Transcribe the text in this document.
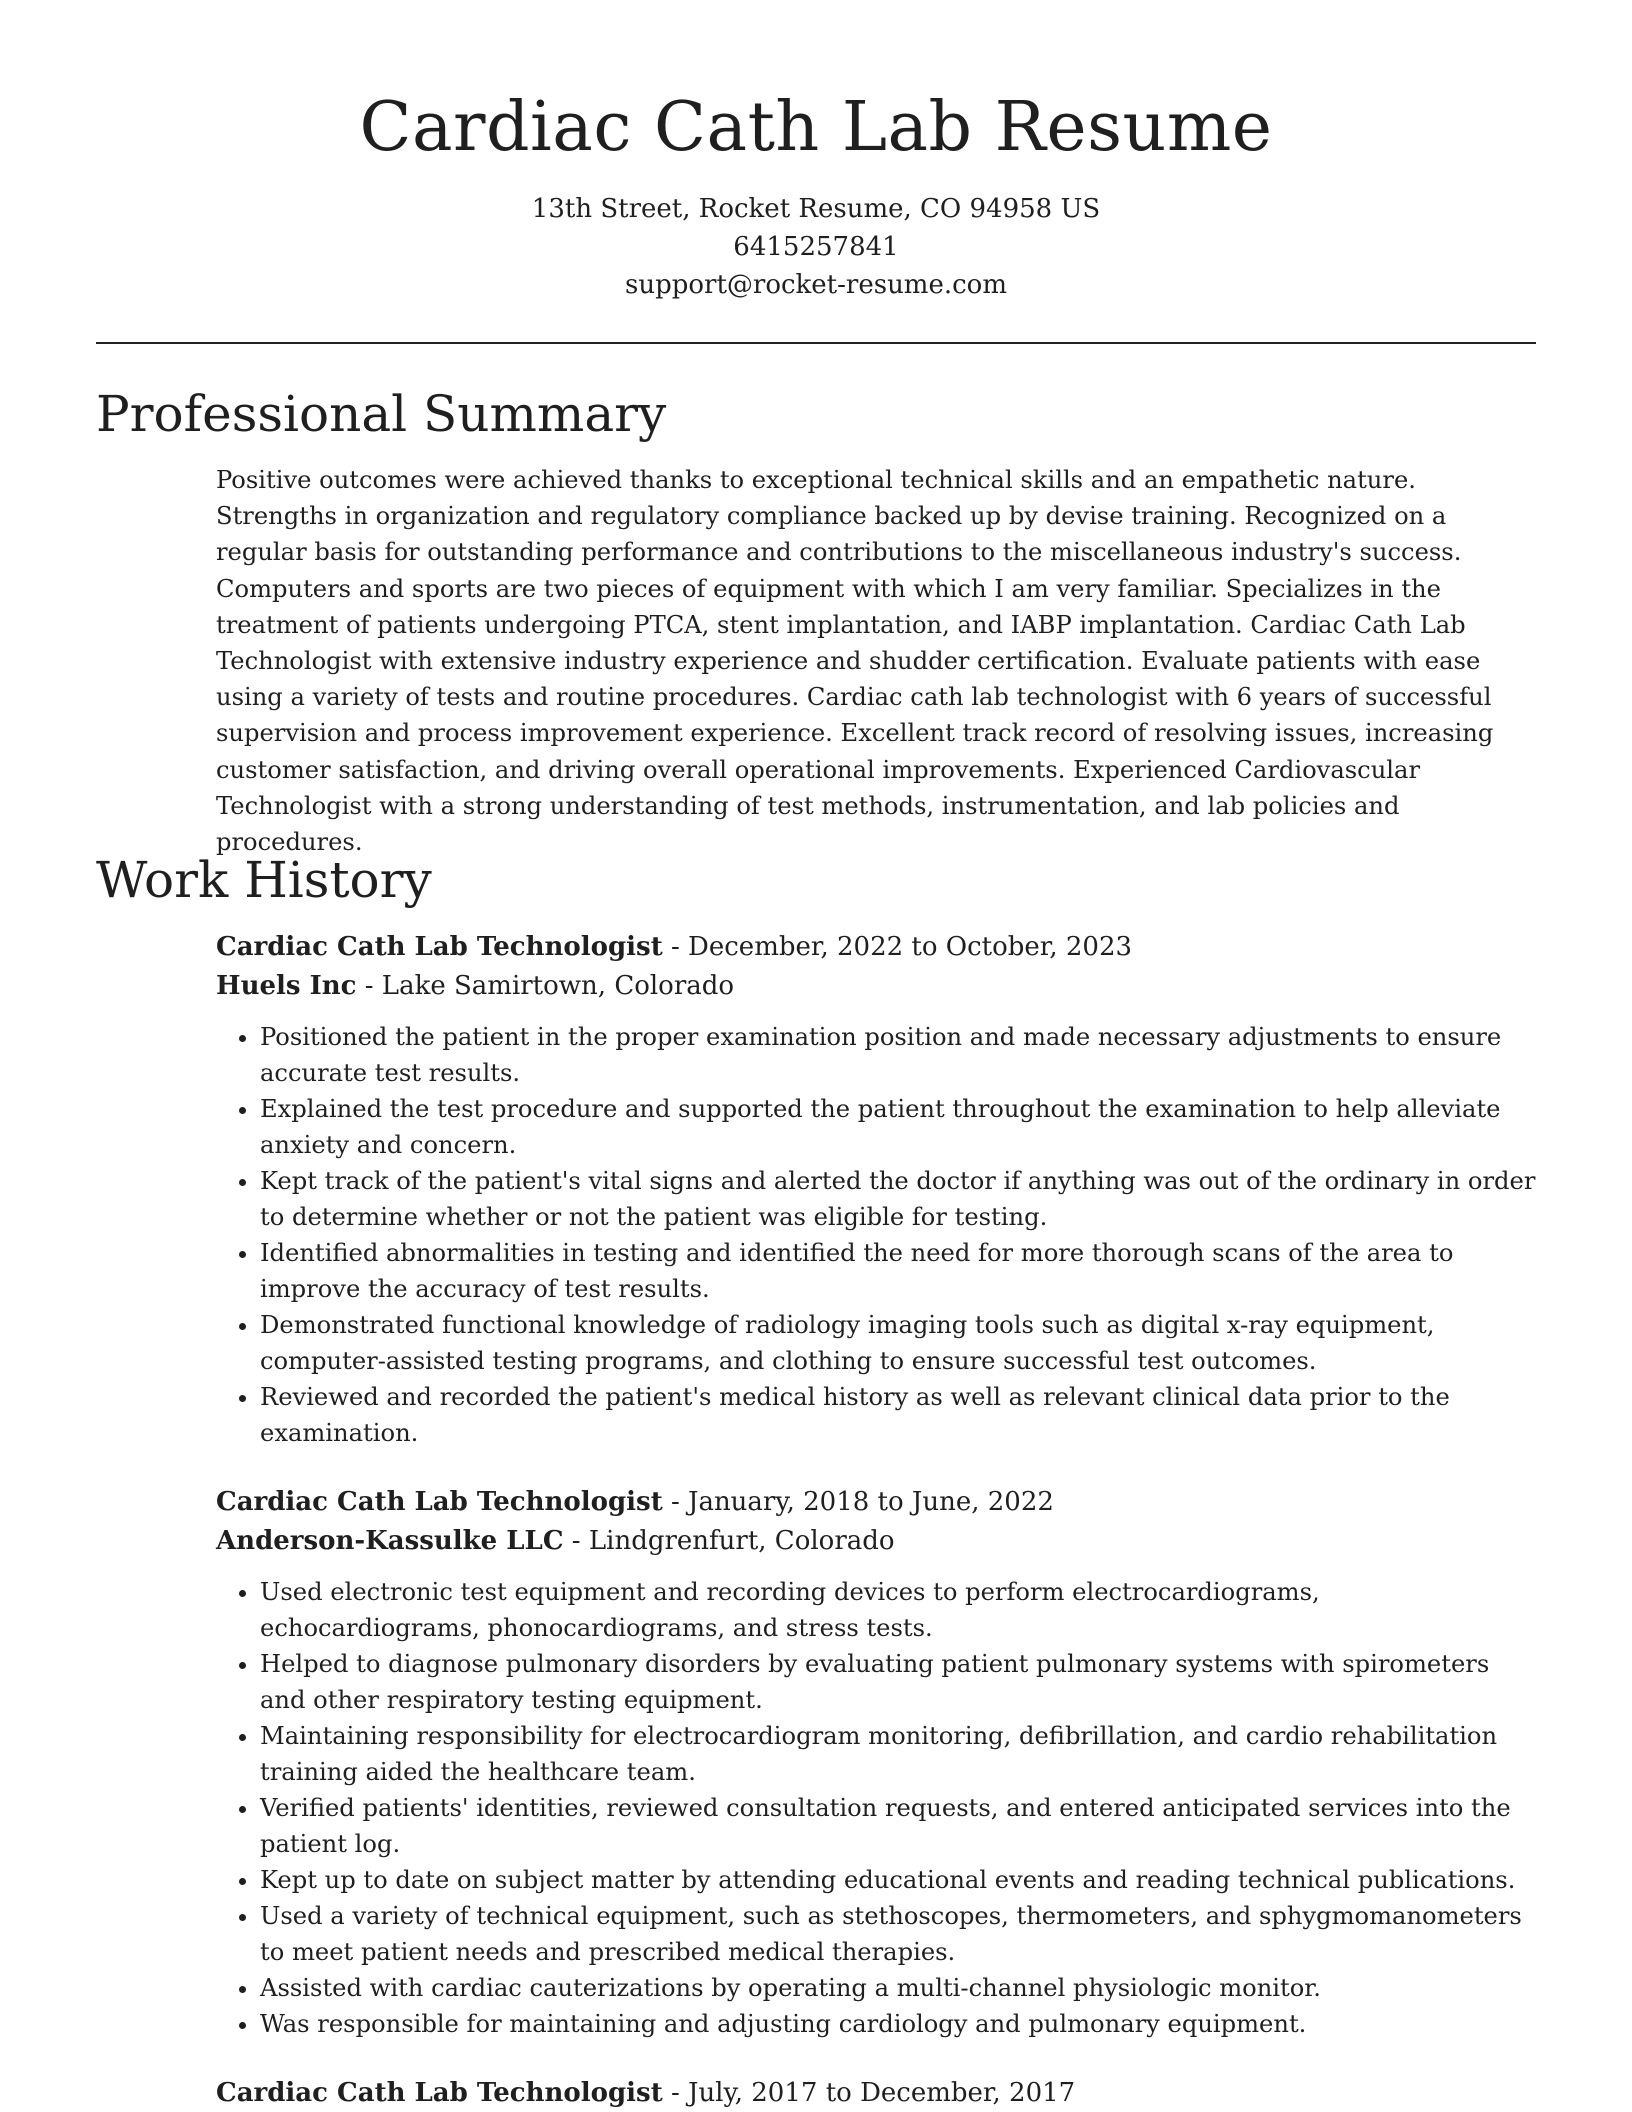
Cardiac Cath Lab Resume
13th Street, Rocket Resume, CO 94958 US
6415257841
support@rocket-resume.com
Professional Summary

Positive outcomes were achieved thanks to exceptional technical skills and an empathetic nature. Strengths in organization and regulatory compliance backed up by devise training. Recognized on a regular basis for outstanding performance and contributions to the miscellaneous industry's success. Computers and sports are two pieces of equipment with which I am very familiar. Specializes in the treatment of patients undergoing PTCA, stent implantation, and IABP implantation. Cardiac Cath Lab Technologist with extensive industry experience and shudder certification. Evaluate patients with ease using a variety of tests and routine procedures. Cardiac cath lab technologist with 6 years of successful supervision and process improvement experience. Excellent track record of resolving issues, increasing customer satisfaction, and driving overall operational improvements. Experienced Cardiovascular Technologist with a strong understanding of test methods, instrumentation, and lab policies and procedures.

Work History

Cardiac Cath Lab Technologist - December, 2022 to October, 2023

Huels Inc - Lake Samirtown, Colorado

• Positioned the patient in the proper examination position and made necessary adjustments to ensure accurate test results.
• Explained the test procedure and supported the patient throughout the examination to help alleviate anxiety and concern.
• Kept track of the patient's vital signs and alerted the doctor if anything was out of the ordinary in order to determine whether or not the patient was eligible for testing.
• Identified abnormalities in testing and identified the need for more thorough scans of the area to improve the accuracy of test results.
• Demonstrated functional knowledge of radiology imaging tools such as digital x-ray equipment, computer-assisted testing programs, and clothing to ensure successful test outcomes.
• Reviewed and recorded the patient's medical history as well as relevant clinical data prior to the examination.

Cardiac Cath Lab Technologist - January, 2018 to June, 2022

Anderson-Kassulke LLC - Lindgrenfurt, Colorado

• Used electronic test equipment and recording devices to perform electrocardiograms, echocardiograms, phonocardiograms, and stress tests.
• Helped to diagnose pulmonary disorders by evaluating patient pulmonary systems with spirometers and other respiratory testing equipment.
• Maintaining responsibility for electrocardiogram monitoring, defibrillation, and cardio rehabilitation training aided the healthcare team.
• Verified patients' identities, reviewed consultation requests, and entered anticipated services into the patient log.
• Kept up to date on subject matter by attending educational events and reading technical publications.
• Used a variety of technical equipment, such as stethoscopes, thermometers, and sphygmomanometers to meet patient needs and prescribed medical therapies.
• Assisted with cardiac cauterizations by operating a multi-channel physiologic monitor.
• Was responsible for maintaining and adjusting cardiology and pulmonary equipment.

Cardiac Cath Lab Technologist - July, 2017 to December, 2017
